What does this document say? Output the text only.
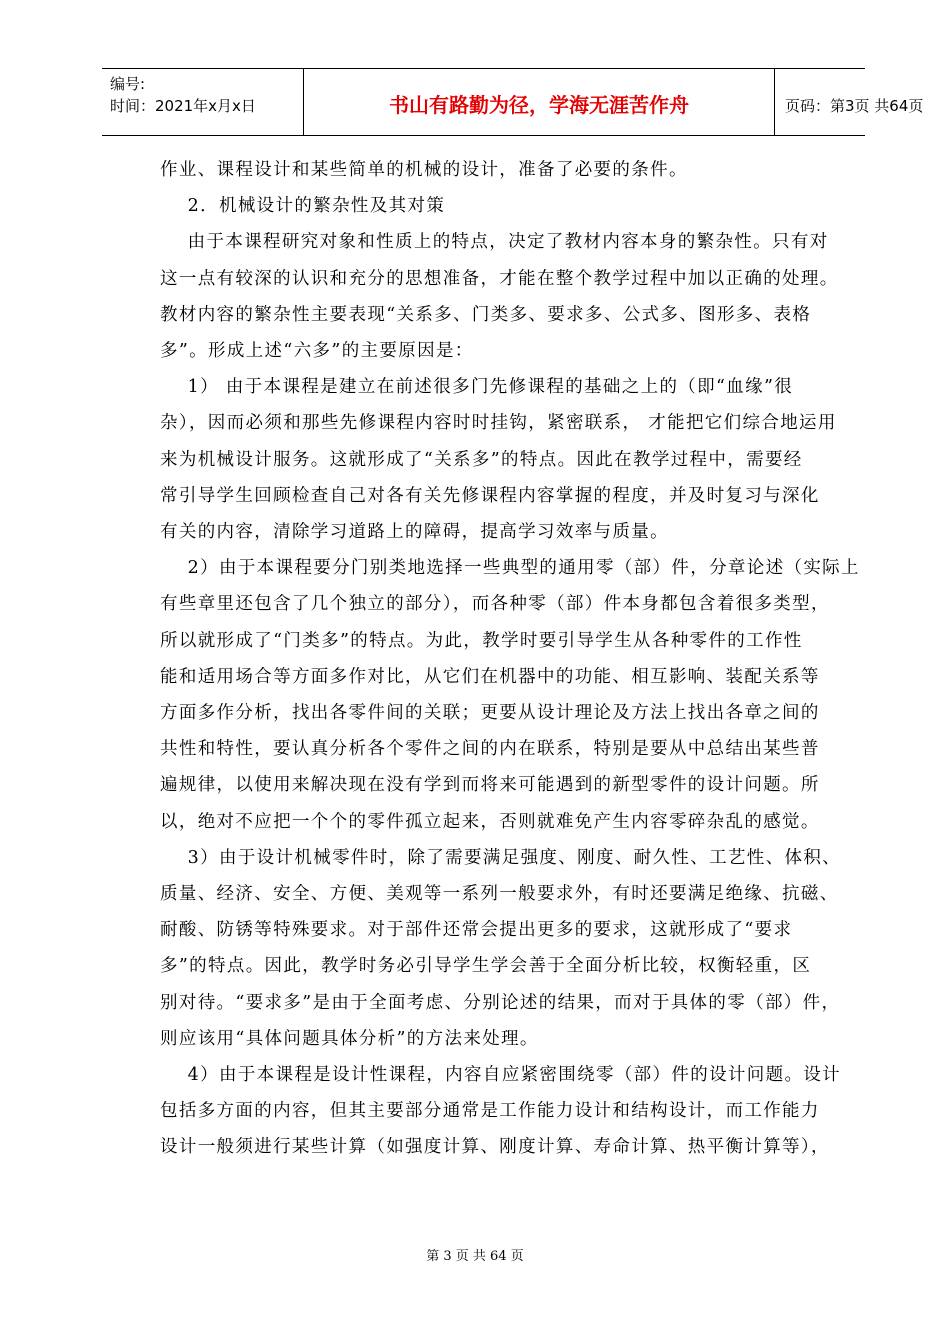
编号:
时间：2021年x月x日	书山有路勤为径，学海无涯苦作舟	页码：第3页 共64页
作业、课程设计和某些简单的机械的设计，准备了必要的条件。
2．机械设计的繁杂性及其对策
由于本课程研究对象和性质上的特点，决定了教材内容本身的繁杂性。只有对
这一点有较深的认识和充分的思想准备，才能在整个教学过程中加以正确的处理。
教材内容的繁杂性主要表现“关系多、门类多、要求多、公式多、图形多、表格
多”。形成上述“六多”的主要原因是：
1） 由于本课程是建立在前述很多门先修课程的基础之上的（即“血缘”很
杂），因而必须和那些先修课程内容时时挂钩，紧密联系， 才能把它们综合地运用
来为机械设计服务。这就形成了“关系多”的特点。因此在教学过程中，需要经
常引导学生回顾检查自己对各有关先修课程内容掌握的程度，并及时复习与深化
有关的内容，清除学习道路上的障碍，提高学习效率与质量。
2）由于本课程要分门别类地选择一些典型的通用零（部）件，分章论述（实际上
有些章里还包含了几个独立的部分），而各种零（部）件本身都包含着很多类型，
所以就形成了“门类多”的特点。为此，教学时要引导学生从各种零件的工作性
能和适用场合等方面多作对比，从它们在机器中的功能、相互影响、装配关系等
方面多作分析，找出各零件间的关联；更要从设计理论及方法上找出各章之间的
共性和特性，要认真分析各个零件之间的内在联系，特别是要从中总结出某些普
遍规律，以使用来解决现在没有学到而将来可能遇到的新型零件的设计问题。所
以，绝对不应把一个个的零件孤立起来，否则就难免产生内容零碎杂乱的感觉。
3）由于设计机械零件时，除了需要满足强度、刚度、耐久性、工艺性、体积、
质量、经济、安全、方便、美观等一系列一般要求外，有时还要满足绝缘、抗磁、
耐酸、防锈等特殊要求。对于部件还常会提出更多的要求，这就形成了“要求
多”的特点。因此，教学时务必引导学生学会善于全面分析比较，权衡轻重，区
别对待。“要求多”是由于全面考虑、分别论述的结果，而对于具体的零（部）件，
则应该用“具体问题具体分析”的方法来处理。
4）由于本课程是设计性课程，内容自应紧密围绕零（部）件的设计问题。设计
包括多方面的内容，但其主要部分通常是工作能力设计和结构设计，而工作能力
设计一般须进行某些计算（如强度计算、刚度计算、寿命计算、热平衡计算等），
第 3 页 共 64 页
